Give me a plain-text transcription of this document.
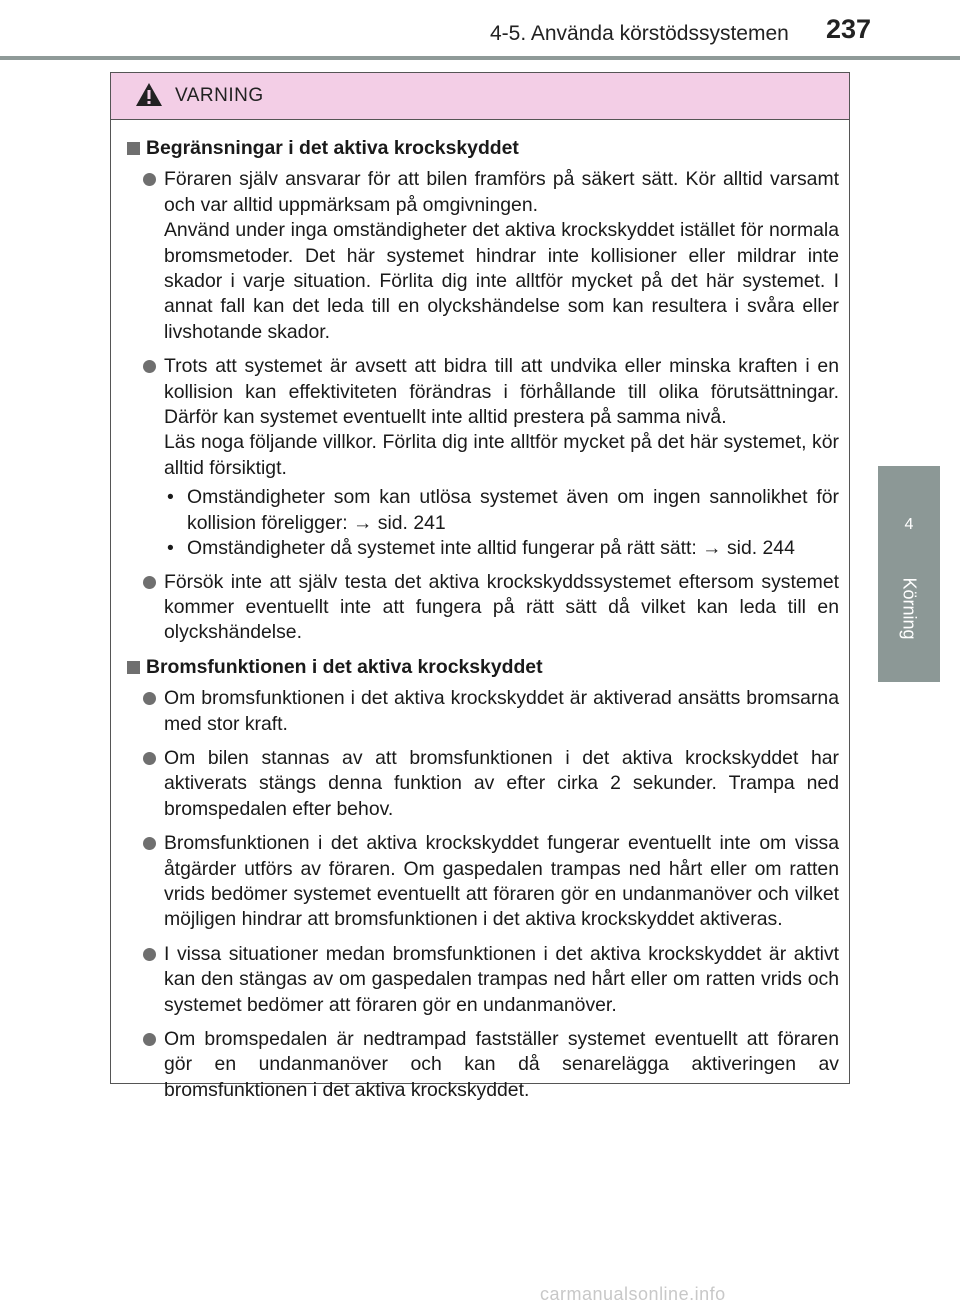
4-5. Använda körstödssystemen 237
4
Körning
VARNING
Begränsningar i det aktiva krockskyddet

Föraren själv ansvarar för att bilen framförs på säkert sätt. Kör alltid varsamt och var alltid uppmärksam på omgivningen.

Använd under inga omständigheter det aktiva krockskyddet istället för normala bromsmetoder. Det här systemet hindrar inte kollisioner eller mildrar inte skador i varje situation. Förlita dig inte alltför mycket på det här systemet. I annat fall kan det leda till en olyckshändelse som kan resultera i svåra eller livshotande skador.

Trots att systemet är avsett att bidra till att undvika eller minska kraften i en kollision kan effektiviteten förändras i förhållande till olika förutsättningar. Därför kan systemet eventuellt inte alltid prestera på samma nivå.

Läs noga följande villkor. Förlita dig inte alltför mycket på det här systemet, kör alltid försiktigt.

• Omständigheter som kan utlösa systemet även om ingen sannolikhet för kollision föreligger: → sid. 241
• Omständigheter då systemet inte alltid fungerar på rätt sätt: → sid. 244

Försök inte att själv testa det aktiva krockskyddssystemet eftersom systemet kommer eventuellt inte att fungera på rätt sätt då vilket kan leda till en olyckshändelse.

Bromsfunktionen i det aktiva krockskyddet

Om bromsfunktionen i det aktiva krockskyddet är aktiverad ansätts bromsarna med stor kraft.

Om bilen stannas av att bromsfunktionen i det aktiva krockskyddet har aktiverats stängs denna funktion av efter cirka 2 sekunder. Trampa ned bromspedalen efter behov.

Bromsfunktionen i det aktiva krockskyddet fungerar eventuellt inte om vissa åtgärder utförs av föraren. Om gaspedalen trampas ned hårt eller om ratten vrids bedömer systemet eventuellt att föraren gör en undanmanöver och vilket möjligen hindrar att bromsfunktionen i det aktiva krockskyddet aktiveras.

I vissa situationer medan bromsfunktionen i det aktiva krockskyddet är aktivt kan den stängas av om gaspedalen trampas ned hårt eller om ratten vrids och systemet bedömer att föraren gör en undanmanöver.

Om bromspedalen är nedtrampad fastställer systemet eventuellt att föraren gör en undanmanöver och kan då senarelägga aktiveringen av bromsfunktionen i det aktiva krockskyddet.

carmanualsonline.info
